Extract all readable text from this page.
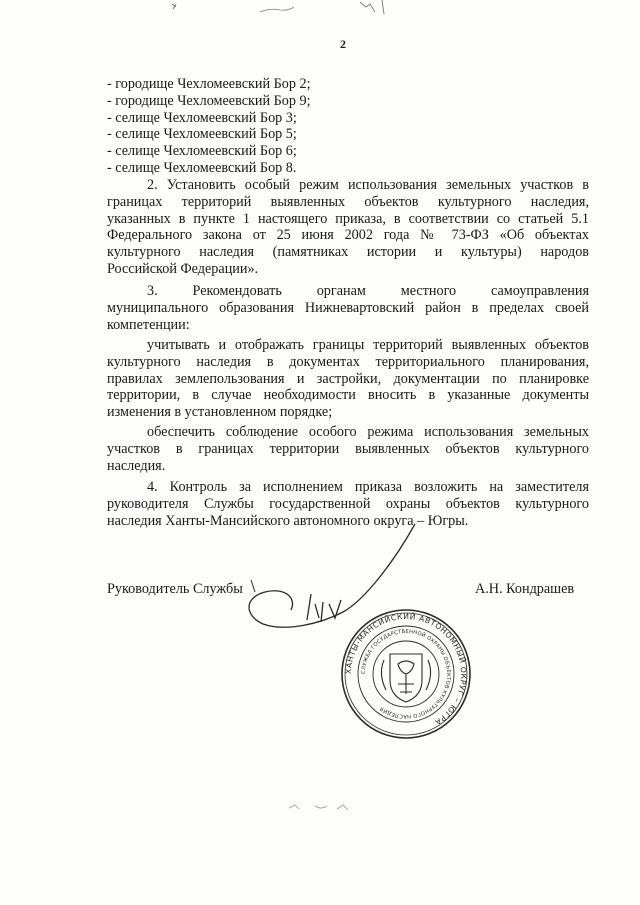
2
- городище Чехломеевский Бор 2;
- городище Чехломеевский Бор 9;
- селище Чехломеевский Бор 3;
- селище Чехломеевский Бор 5;
- селище Чехломеевский Бор 6;
- селище Чехломеевский Бор 8.
2. Установить особый режим использования земельных участков в
границах территорий выявленных объектов культурного наследия,
указанных в пункте 1 настоящего приказа, в соответствии со статьей 5.1
Федерального закона от 25 июня 2002 года № 73-ФЗ «Об объектах
культурного наследия (памятниках истории и культуры) народов
Российской Федерации».
3. Рекомендовать органам местного самоуправления
муниципального образования Нижневартовский район в пределах своей
компетенции:
учитывать и отображать границы территорий выявленных объектов
культурного наследия в документах территориального планирования,
правилах землепользования и застройки, документации по планировке
территории, в случае необходимости вносить в указанные документы
изменения в установленном порядке;
обеспечить соблюдение особого режима использования земельных
участков в границах территории выявленных объектов культурного
наследия.
4. Контроль за исполнением приказа возложить на заместителя
руководителя Службы государственной охраны объектов культурного
наследия Ханты-Мансийского автономного округа – Югры.
Руководитель Службы	А.Н. Кондрашев
ХАНТЫ-МАНСИЙСКИЙ АВТОНОМНЫЙ ОКРУГ – ЮГРА
СЛУЖБА ГОСУДАРСТВЕННОЙ ОХРАНЫ ОБЪЕКТОВ КУЛЬТУРНОГО НАСЛЕДИЯ
